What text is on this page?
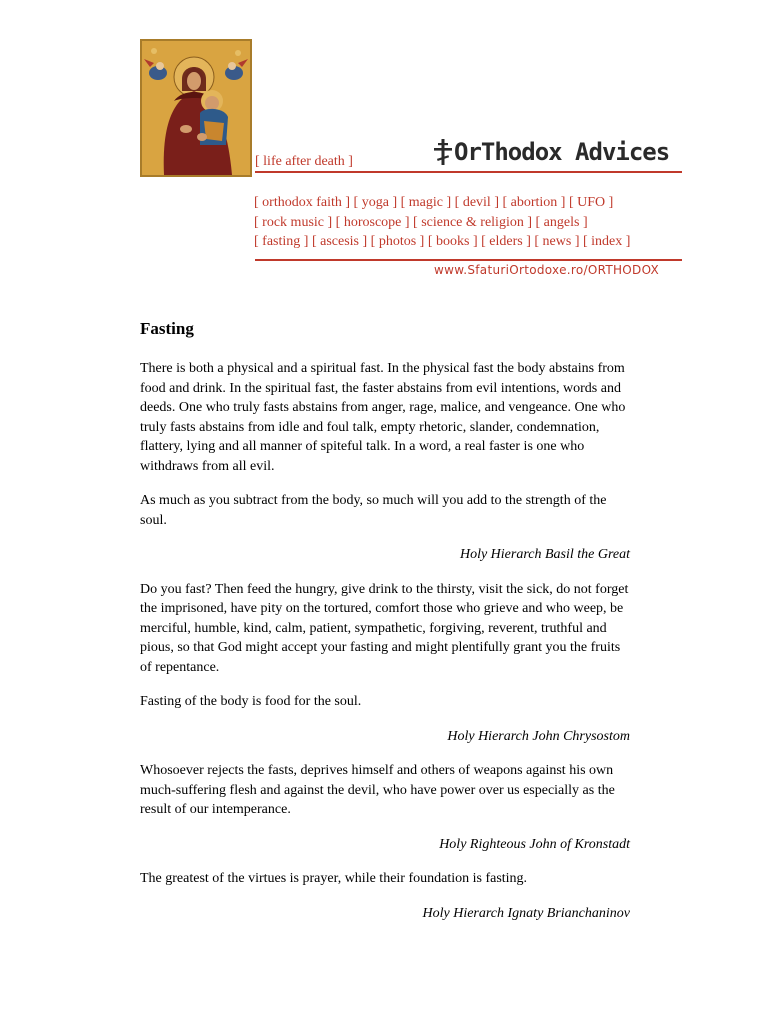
[ life after death ]	OrThodox Advices
[ orthodox faith ] [ yoga ] [ magic ] [ devil ] [ abortion ] [ UFO ]
[ rock music ] [ horoscope ] [ science & religion ] [ angels ]
[ fasting ] [ ascesis ] [ photos ] [ books ] [ elders ] [ news ] [ index ]
www.SfaturiOrtodoxe.ro/ORTHODOX
Fasting

There is both a physical and a spiritual fast. In the physical fast the body abstains from food and drink. In the spiritual fast, the faster abstains from evil intentions, words and deeds. One who truly fasts abstains from anger, rage, malice, and vengeance. One who truly fasts abstains from idle and foul talk, empty rhetoric, slander, condemnation, flattery, lying and all manner of spiteful talk. In a word, a real faster is one who withdraws from all evil.

As much as you subtract from the body, so much will you add to the strength of the soul.

Holy Hierarch Basil the Great

Do you fast? Then feed the hungry, give drink to the thirsty, visit the sick, do not forget the imprisoned, have pity on the tortured, comfort those who grieve and who weep, be merciful, humble, kind, calm, patient, sympathetic, forgiving, reverent, truthful and pious, so that God might accept your fasting and might plentifully grant you the fruits of repentance.

Fasting of the body is food for the soul.

Holy Hierarch John Chrysostom

Whosoever rejects the fasts, deprives himself and others of weapons against his own much-suffering flesh and against the devil, who have power over us especially as the result of our intemperance.

Holy Righteous John of Kronstadt

The greatest of the virtues is prayer, while their foundation is fasting.

Holy Hierarch Ignaty Brianchaninov
